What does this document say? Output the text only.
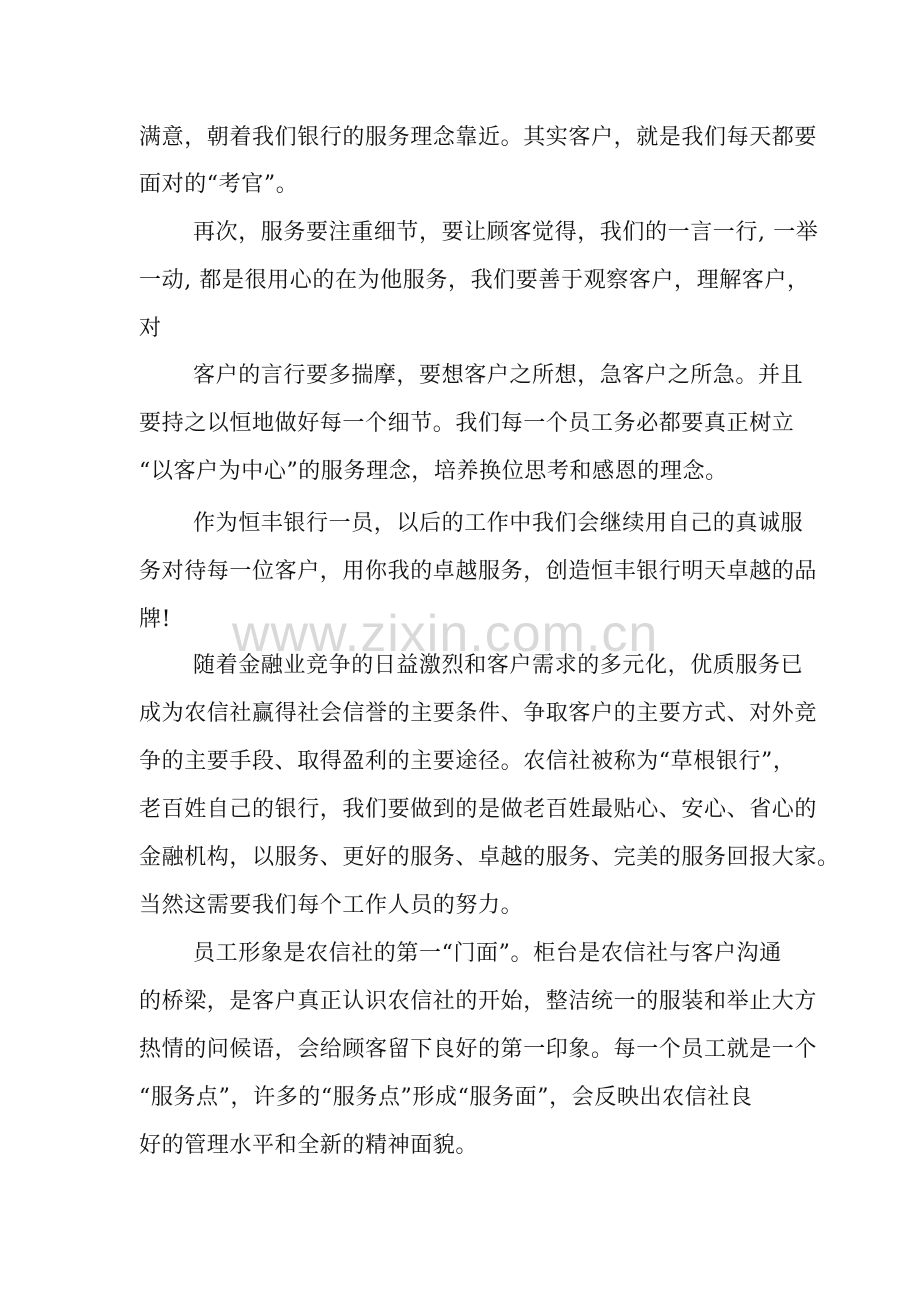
www.zixin.com.cn
满意，朝着我们银行的服务理念靠近。其实客户，就是我们每天都要
面对的“考官”。
再次，服务要注重细节，要让顾客觉得，我们的一言一行, 一举
一动, 都是很用心的在为他服务，我们要善于观察客户，理解客户，
对
客户的言行要多揣摩，要想客户之所想，急客户之所急。并且
要持之以恒地做好每一个细节。我们每一个员工务必都要真正树立
“以客户为中心”的服务理念，培养换位思考和感恩的理念。
作为恒丰银行一员，以后的工作中我们会继续用自己的真诚服
务对待每一位客户，用你我的卓越服务，创造恒丰银行明天卓越的品
牌!
随着金融业竞争的日益激烈和客户需求的多元化，优质服务已
成为农信社赢得社会信誉的主要条件、争取客户的主要方式、对外竞
争的主要手段、取得盈利的主要途径。农信社被称为“草根银行”，
老百姓自己的银行，我们要做到的是做老百姓最贴心、安心、省心的
金融机构，以服务、更好的服务、卓越的服务、完美的服务回报大家。
当然这需要我们每个工作人员的努力。
员工形象是农信社的第一“门面”。柜台是农信社与客户沟通
的桥梁，是客户真正认识农信社的开始，整洁统一的服装和举止大方
热情的问候语，会给顾客留下良好的第一印象。每一个员工就是一个
“服务点”，许多的“服务点”形成“服务面”，会反映出农信社良
好的管理水平和全新的精神面貌。
